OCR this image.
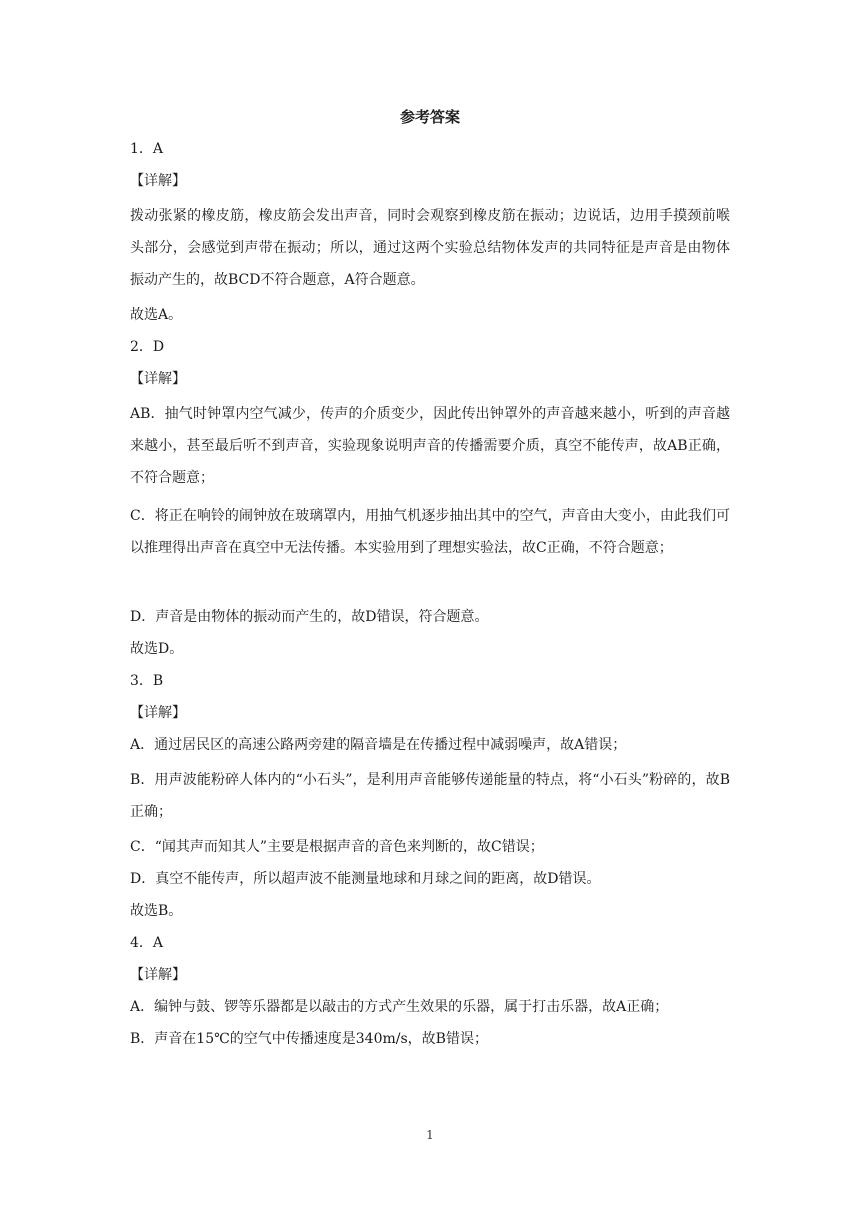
参考答案
1．A
【详解】
拨动张紧的橡皮筋，橡皮筋会发出声音，同时会观察到橡皮筋在振动；边说话，边用手摸颈前喉头部分，会感觉到声带在振动；所以，通过这两个实验总结物体发声的共同特征是声音是由物体振动产生的，故BCD不符合题意，A符合题意。
故选A。
2．D
【详解】
AB．抽气时钟罩内空气减少，传声的介质变少，因此传出钟罩外的声音越来越小，听到的声音越来越小，甚至最后听不到声音，实验现象说明声音的传播需要介质，真空不能传声，故AB正确，不符合题意；
C．将正在响铃的闹钟放在玻璃罩内，用抽气机逐步抽出其中的空气，声音由大变小，由此我们可以推理得出声音在真空中无法传播。本实验用到了理想实验法，故C正确，不符合题意；
D．声音是由物体的振动而产生的，故D错误，符合题意。
故选D。
3．B
【详解】
A．通过居民区的高速公路两旁建的隔音墙是在传播过程中减弱噪声，故A错误；
B．用声波能粉碎人体内的“小石头”，是利用声音能够传递能量的特点，将“小石头”粉碎的，故B正确；
C．“闻其声而知其人”主要是根据声音的音色来判断的，故C错误；
D．真空不能传声，所以超声波不能测量地球和月球之间的距离，故D错误。
故选B。
4．A
【详解】
A．编钟与鼓、锣等乐器都是以敲击的方式产生效果的乐器，属于打击乐器，故A正确；
B．声音在15℃的空气中传播速度是340m/s，故B错误；
1
